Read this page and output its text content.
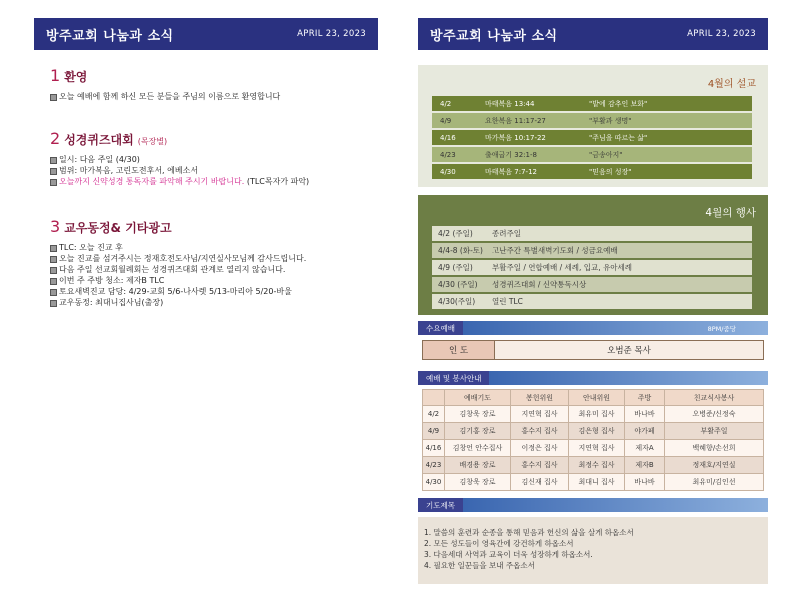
방주교회 나눔과 소식	APRIL 23, 2023
1 환영
오늘 예배에 함께 하신 모든 분들을 주님의 이름으로 환영합니다
2 성경퀴즈대회 (목장별)
일시: 다음 주일 (4/30)
범위: 마가복음, 고린도전후서, 에베소서
오늘까지 신약성경 통독자를 파악해 주시기 바랍니다. (TLC목자가 파악)
3 교우동정& 기타광고
TLC: 오늘 진교 후
오늘 진교를 섬겨주시는 정재호전도사님/지연실사모님께 감사드립니다.
다음 주일 선교회월례회는 성경퀴즈대회 관계로 열리지 않습니다.
이번 주 주방 청소: 제자B TLC
토요새벽진교 담당: 4/29-교회 5/6-나사렛 5/13-마리아 5/20-바울
교우동정: 최대니집사님(출장)
방주교회 나눔과 소식	APRIL 23, 2023
4월의 설교
4/2	마태복음 13:44	"밭에 감추인 보화"
4/9	요한복음 11:17-27	"부활과 생명"
4/16	마가복음 10:17-22	"주님을 따르는 삶"
4/23	출애굽기 32:1-8	"금송아지"
4/30	마태복음 7:7-12	"믿음의 성장"
4월의 행사
4/2 (주일)	종려주일
4/4-8 (화-토)	고난주간 특별새벽기도회 / 성금요예배
4/9 (주일)	부활주일 / 연합예배 / 세례, 입교, 유아세례
4/30 (주일)	성경퀴즈대회 / 신약통독시상
4/30(주일)	열린 TLC
수요예배	8PM/줌당
인 도	오범준 목사
예배 및 봉사안내
	예배기도	봉헌위원	안내위원	주방	친교식사봉사
4/2	김창욱 장로	지연혁 집사	최유미 집사	바나바	오병준/신정숙
4/9	김기홍 장로	홍수지 집사	김은형 집사	야가페	부활주일
4/16	김창언 안수집사	이정은 집사	지연혁 집사	제자A	백혜향/손선희
4/23	배경용 장로	홍수지 집사	최정수 집사	제자B	정재호/지연실
4/30	김창욱 장로	김신재 집사	최대니 집사	바나바	최유미/김인선
기도제목
1. 말씀의 훈련과 순종을 통해 믿음과 헌신의 삶을 살게 하옵소서
2. 모든 성도들이 영육간에 강건하게 하옵소서
3. 다음세대 사역과 교육이 더욱 성장하게 하옵소서.
4. 필요한 일꾼들을 보내 주옵소서
